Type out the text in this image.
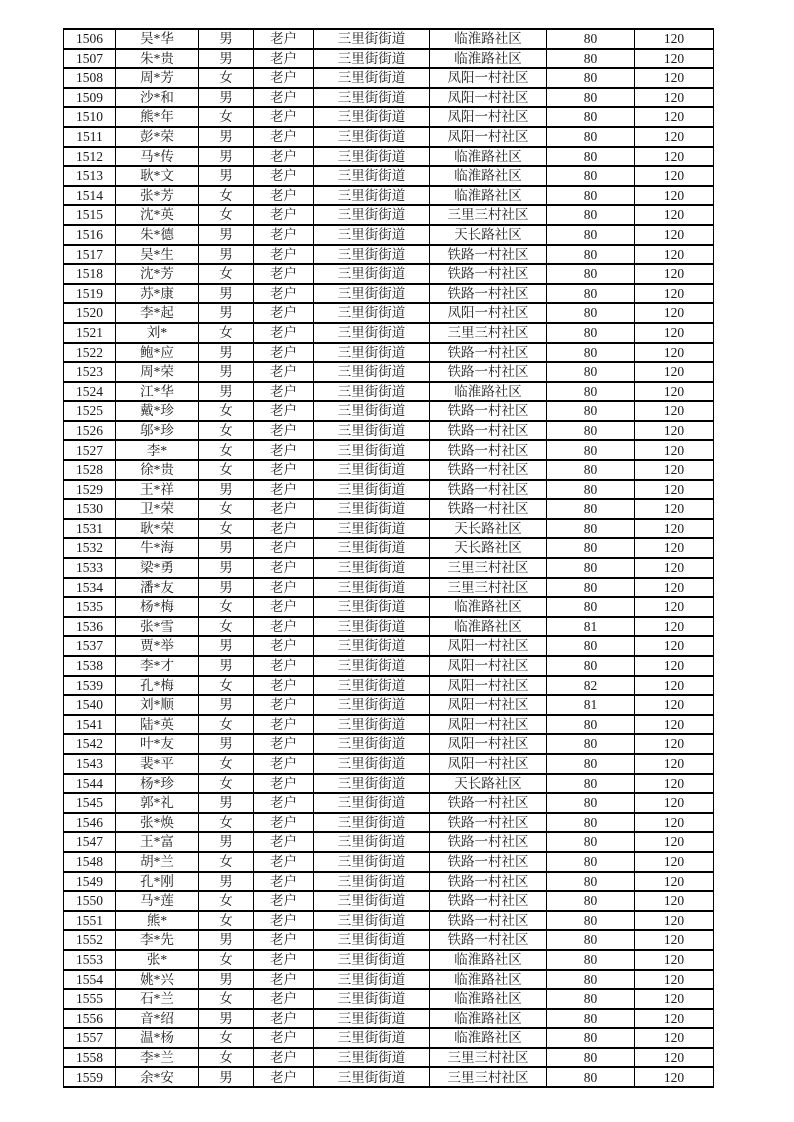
1506	吴*华	男	老户	三里街街道	临淮路社区	80	120
1507	朱*贵	男	老户	三里街街道	临淮路社区	80	120
1508	周*芳	女	老户	三里街街道	凤阳一村社区	80	120
1509	沙*和	男	老户	三里街街道	凤阳一村社区	80	120
1510	熊*年	女	老户	三里街街道	凤阳一村社区	80	120
1511	彭*荣	男	老户	三里街街道	凤阳一村社区	80	120
1512	马*传	男	老户	三里街街道	临淮路社区	80	120
1513	耿*文	男	老户	三里街街道	临淮路社区	80	120
1514	张*芳	女	老户	三里街街道	临淮路社区	80	120
1515	沈*英	女	老户	三里街街道	三里三村社区	80	120
1516	朱*德	男	老户	三里街街道	天长路社区	80	120
1517	吴*生	男	老户	三里街街道	铁路一村社区	80	120
1518	沈*芳	女	老户	三里街街道	铁路一村社区	80	120
1519	苏*康	男	老户	三里街街道	铁路一村社区	80	120
1520	李*起	男	老户	三里街街道	凤阳一村社区	80	120
1521	刘*	女	老户	三里街街道	三里三村社区	80	120
1522	鲍*应	男	老户	三里街街道	铁路一村社区	80	120
1523	周*荣	男	老户	三里街街道	铁路一村社区	80	120
1524	江*华	男	老户	三里街街道	临淮路社区	80	120
1525	戴*珍	女	老户	三里街街道	铁路一村社区	80	120
1526	邬*珍	女	老户	三里街街道	铁路一村社区	80	120
1527	李*	女	老户	三里街街道	铁路一村社区	80	120
1528	徐*贵	女	老户	三里街街道	铁路一村社区	80	120
1529	王*祥	男	老户	三里街街道	铁路一村社区	80	120
1530	卫*荣	女	老户	三里街街道	铁路一村社区	80	120
1531	耿*荣	女	老户	三里街街道	天长路社区	80	120
1532	牛*海	男	老户	三里街街道	天长路社区	80	120
1533	梁*勇	男	老户	三里街街道	三里三村社区	80	120
1534	潘*友	男	老户	三里街街道	三里三村社区	80	120
1535	杨*梅	女	老户	三里街街道	临淮路社区	80	120
1536	张*雪	女	老户	三里街街道	临淮路社区	81	120
1537	贾*举	男	老户	三里街街道	凤阳一村社区	80	120
1538	李*才	男	老户	三里街街道	凤阳一村社区	80	120
1539	孔*梅	女	老户	三里街街道	凤阳一村社区	82	120
1540	刘*顺	男	老户	三里街街道	凤阳一村社区	81	120
1541	陆*英	女	老户	三里街街道	凤阳一村社区	80	120
1542	叶*友	男	老户	三里街街道	凤阳一村社区	80	120
1543	裴*平	女	老户	三里街街道	凤阳一村社区	80	120
1544	杨*珍	女	老户	三里街街道	天长路社区	80	120
1545	郭*礼	男	老户	三里街街道	铁路一村社区	80	120
1546	张*焕	女	老户	三里街街道	铁路一村社区	80	120
1547	王*富	男	老户	三里街街道	铁路一村社区	80	120
1548	胡*兰	女	老户	三里街街道	铁路一村社区	80	120
1549	孔*刚	男	老户	三里街街道	铁路一村社区	80	120
1550	马*莲	女	老户	三里街街道	铁路一村社区	80	120
1551	熊*	女	老户	三里街街道	铁路一村社区	80	120
1552	李*先	男	老户	三里街街道	铁路一村社区	80	120
1553	张*	女	老户	三里街街道	临淮路社区	80	120
1554	姚*兴	男	老户	三里街街道	临淮路社区	80	120
1555	石*兰	女	老户	三里街街道	临淮路社区	80	120
1556	音*绍	男	老户	三里街街道	临淮路社区	80	120
1557	温*杨	女	老户	三里街街道	临淮路社区	80	120
1558	李*兰	女	老户	三里街街道	三里三村社区	80	120
1559	余*安	男	老户	三里街街道	三里三村社区	80	120
